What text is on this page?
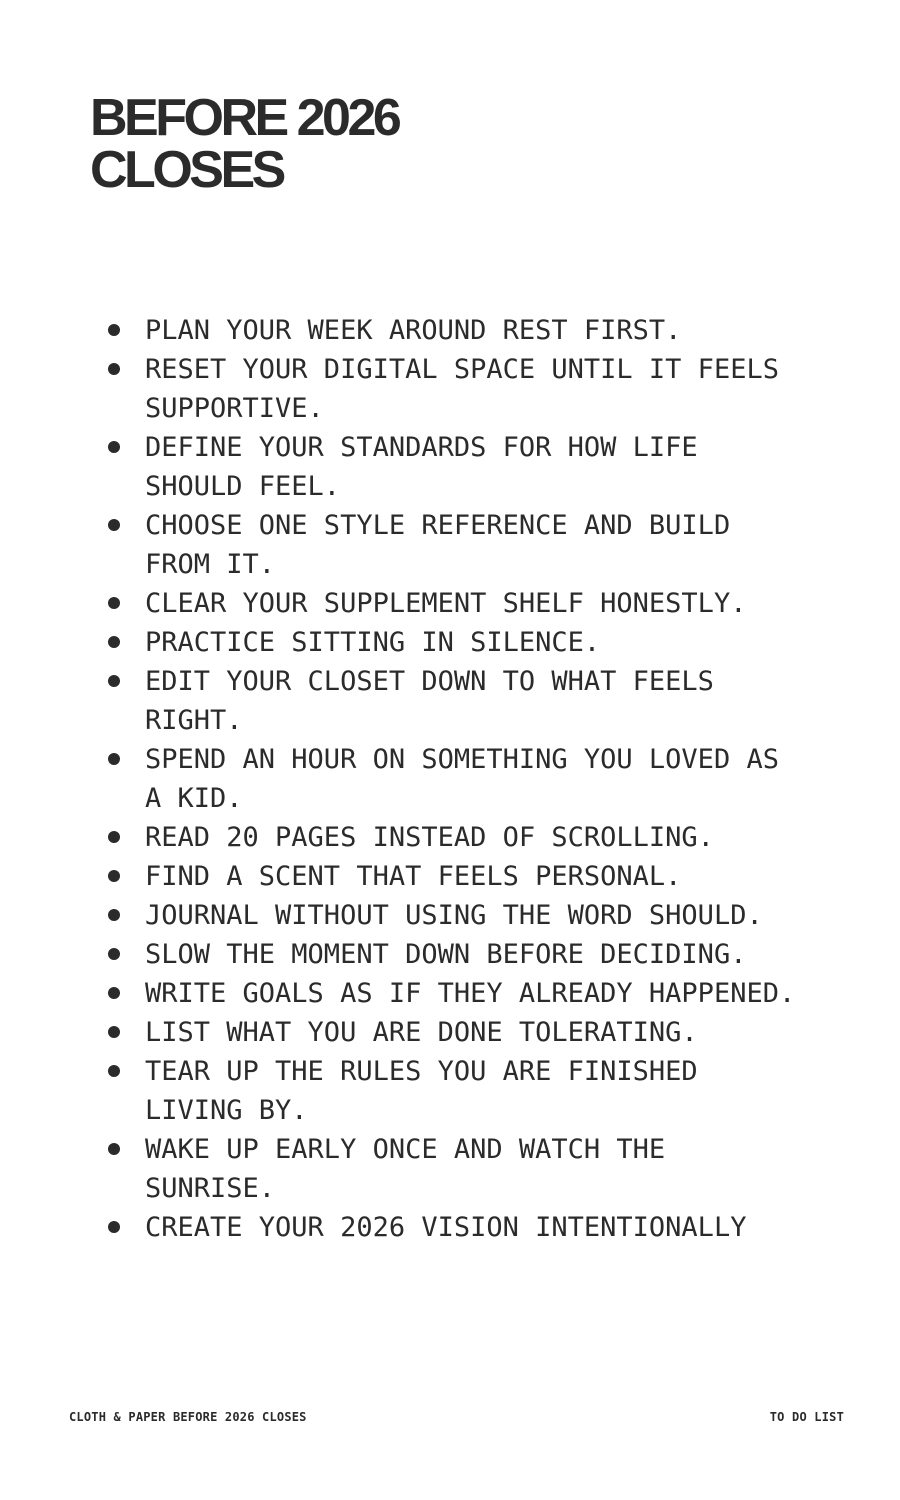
BEFORE 2026
CLOSES
PLAN YOUR WEEK AROUND REST FIRST.
RESET YOUR DIGITAL SPACE UNTIL IT FEELS SUPPORTIVE.
DEFINE YOUR STANDARDS FOR HOW LIFE SHOULD FEEL.
CHOOSE ONE STYLE REFERENCE AND BUILD FROM IT.
CLEAR YOUR SUPPLEMENT SHELF HONESTLY.
PRACTICE SITTING IN SILENCE.
EDIT YOUR CLOSET DOWN TO WHAT FEELS RIGHT.
SPEND AN HOUR ON SOMETHING YOU LOVED AS A KID.
READ 20 PAGES INSTEAD OF SCROLLING.
FIND A SCENT THAT FEELS PERSONAL.
JOURNAL WITHOUT USING THE WORD SHOULD.
SLOW THE MOMENT DOWN BEFORE DECIDING.
WRITE GOALS AS IF THEY ALREADY HAPPENED.
LIST WHAT YOU ARE DONE TOLERATING.
TEAR UP THE RULES YOU ARE FINISHED LIVING BY.
WAKE UP EARLY ONCE AND WATCH THE SUNRISE.
CREATE YOUR 2026 VISION INTENTIONALLY
CLOTH & PAPER BEFORE 2026 CLOSES	TO DO LIST
